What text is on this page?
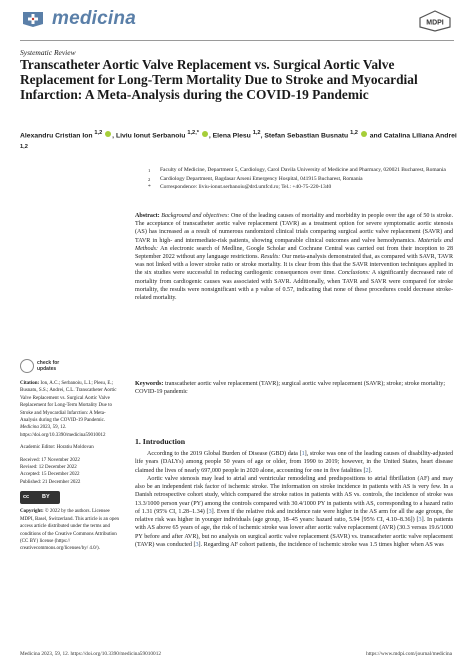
medicina	MDPI
Systematic Review
Transcatheter Aortic Valve Replacement vs. Surgical Aortic Valve Replacement for Long-Term Mortality Due to Stroke and Myocardial Infarction: A Meta-Analysis during the COVID-19 Pandemic
Alexandru Cristian Ion $^{1,2}$ , Liviu Ionut Serbanoiu $^{1,2,*}$ , Elena Plesu $^{1,2}$, Stefan Sebastian Busnatu $^{1,2}$ and Catalina Liliana Andrei $^{1,2}$
1 Faculty of Medicine, Department 5, Cardiology, Carol Davila University of Medicine and Pharmacy, 020021 Bucharest, Romania
2 Cardiology Department, Bagdasar Arseni Emergency Hospital, 041915 Bucharest, Romania
* Correspondence: liviu-ionut.serbanoiu@drd.umfcd.ro; Tel.: +40-75-220-1340
Abstract: Background and objectives: One of the leading causes of mortality and morbidity in people over the age of 50 is stroke. The acceptance of transcatheter aortic valve replacement (TAVR) as a treatment option for severe symptomatic aortic stenosis (AS) has increased as a result of numerous randomized clinical trials comparing surgical aortic valve replacement (SAVR) and TAVR in high- and intermediate-risk patients, showing comparable clinical outcomes and valve hemodynamics. Materials and Methods: An electronic search of Medline, Google Scholar and Cochrane Central was carried out from their inception to 28 September 2022 without any language restrictions. Results: Our meta-analysis demonstrated that, as compared with SAVR, TAVR was not linked with a lower stroke ratio or stroke mortality. It is clear from this that the SAVR intervention techniques applied in the six studies were successful in reducing cardiogenic consequences over time. Conclusions: A significantly decreased rate of mortality from cardiogenic causes was associated with SAVR. Additionally, when TAVR and SAVR were compared for stroke mortality, the results were nonsignificant with a p value of 0.57, indicating that none of these procedures could decrease stroke-related mortality.
Keywords: transcatheter aortic valve replacement (TAVR); surgical aortic valve replacement (SAVR); stroke; stroke mortality; COVID-19 pandemic
check for
updates

Citation: Ion, A.C.; Serbanoiu, L.I.; Plesu, E.; Busnatu, S.S.; Andrei, C.L. Transcatheter Aortic Valve Replacement vs. Surgical Aortic Valve Replacement for Long-Term Mortality Due to Stroke and Myocardial Infarction: A Meta-Analysis during the COVID-19 Pandemic. Medicina 2023, 59, 12. https://doi.org/10.3390/medicina59010012

Academic Editor: Horatiu Moldovan

Received: 17 November 2022
Revised: 12 December 2022
Accepted: 15 December 2022

Published: 21 December 2022

cc BY

Copyright: © 2022 by the authors. Licensee MDPI, Basel, Switzerland. This article is an open access article distributed under the terms and conditions of the Creative Commons Attribution (CC BY) license (https:// creativecommons.org/licenses/by/ 4.0/).

1. Introduction

According to the 2019 Global Burden of Disease (GBD) data [1], stroke was one of the leading causes of disability-adjusted life years (DALYs) among people 50 years of age or older, from 1990 to 2019; however, in the United States, heart disease claimed the lives of nearly 697,000 people in 2020 alone, accounting for one in five fatalities [2].

Aortic valve stenosis may lead to atrial and ventricular remodeling and predispositions to atrial fibrillation (AF) and may also be an independent risk factor of ischemic stroke. The information on stroke incidence in patients with AS is very few. In a Danish retrospective cohort study, which compared the stroke ratios in patients with AS vs. controls, the incidence of stroke was 13.3/1000 person year (PY) among the controls compared with 30.4/1000 PY in patients with AS, corresponding to a hazard ratio of 1.31 (95% CI, 1.28–1.34) [3]. Even if the relative risk and incidence rate were higher in the AS arm for all the age groups, the relative risk was higher in younger individuals (age group, 18–45 years: hazard ratio, 5.94 [95% CI, 4.10–8.36]) [3]. In patients with AS above 65 years of age, the risk of ischemic stroke was lower after aortic valve replacement (AVR) (30.3 versus 19.6/1000 PY before and after AVR), but no analysis on surgical aortic valve replacement (SAVR) vs. transcatheter aortic valve replacement (TAVR) was conducted [3]. Regarding AF cohort patients, the incidence of ischemic stroke was 1.5 times higher when AS was

Medicina 2023, 59, 12. https://doi.org/10.3390/medicina59010012	https://www.mdpi.com/journal/medicina
